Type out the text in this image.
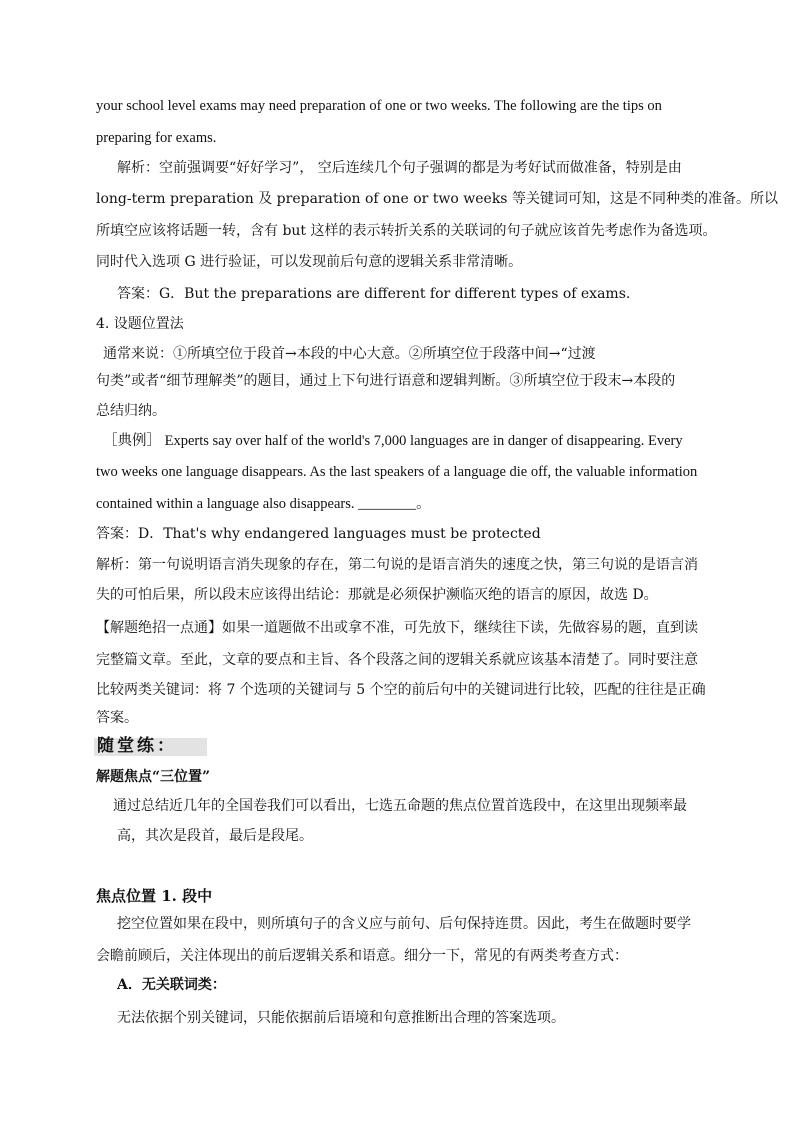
your school level exams may need preparation of one or two weeks. The following are the tips on
preparing for exams.
解析：空前强调要“好好学习”， 空后连续几个句子强调的都是为考好试而做准备，特别是由
long-term preparation 及 preparation of one or two weeks 等关键词可知，这是不同种类的准备。所以
所填空应该将话题一转，含有 but 这样的表示转折关系的关联词的句子就应该首先考虑作为备选项。
同时代入选项 G 进行验证，可以发现前后句意的逻辑关系非常清晰。
答案：G．But the preparations are different for different types of exams.
4. 设题位置法
通常来说：①所填空位于段首→本段的中心大意。②所填空位于段落中间→“过渡
句类”或者“细节理解类”的题目，通过上下句进行语意和逻辑判断。③所填空位于段末→本段的
总结归纳。
［典例］ Experts say over half of the world's 7,000 languages are in danger of disappearing. Every
two weeks one language disappears. As the last speakers of a language die off, the valuable information
contained within a language also disappears. ________。
答案：D．That's why endangered languages must be protected
解析：第一句说明语言消失现象的存在，第二句说的是语言消失的速度之快，第三句说的是语言消
失的可怕后果，所以段末应该得出结论：那就是必须保护濒临灭绝的语言的原因，故选 D。
【解题绝招一点通】如果一道题做不出或拿不准，可先放下，继续往下读，先做容易的题，直到读
完整篇文章。至此，文章的要点和主旨、各个段落之间的逻辑关系就应该基本清楚了。同时要注意
比较两类关键词：将 7 个选项的关键词与 5 个空的前后句中的关键词进行比较，匹配的往往是正确
答案。
随堂练：
解题焦点“三位置”
通过总结近几年的全国卷我们可以看出，七选五命题的焦点位置首选段中，在这里出现频率最
高，其次是段首，最后是段尾。
焦点位置 1. 段中
挖空位置如果在段中，则所填句子的含义应与前句、后句保持连贯。因此，考生在做题时要学
会瞻前顾后，关注体现出的前后逻辑关系和语意。细分一下，常见的有两类考查方式：
A．无关联词类：
无法依据个别关键词，只能依据前后语境和句意推断出合理的答案选项。
